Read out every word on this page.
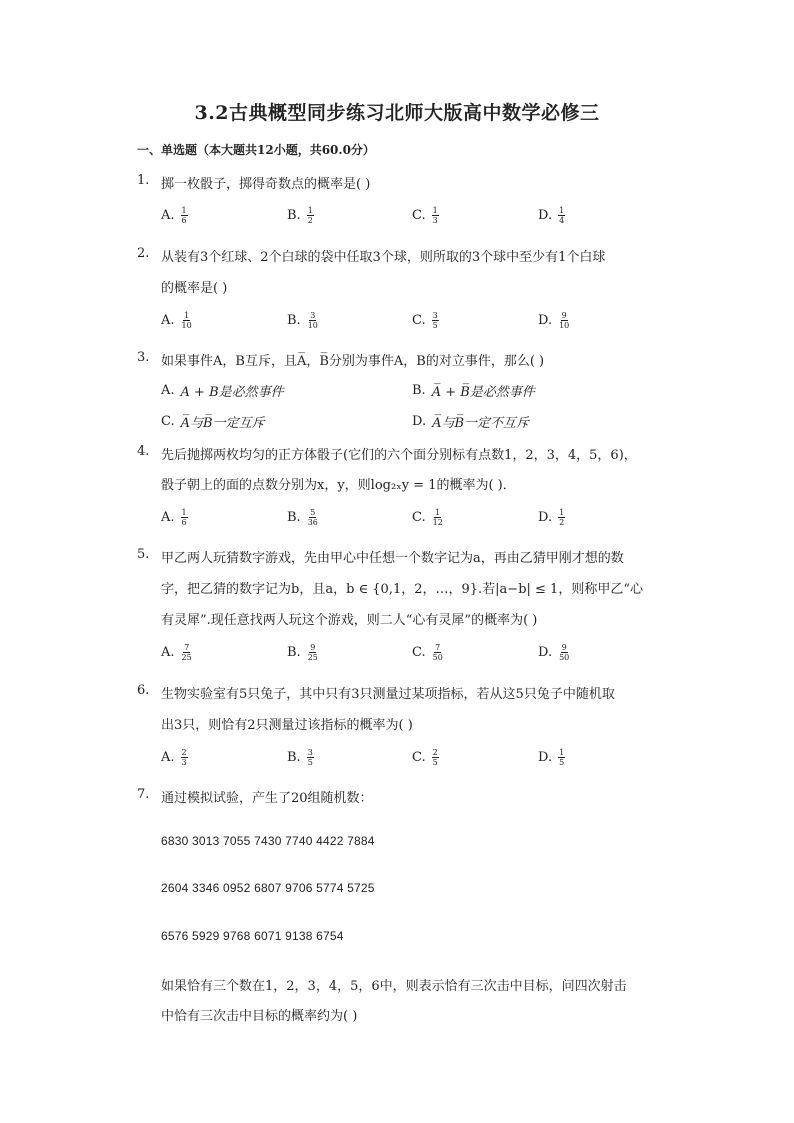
3.2古典概型同步练习北师大版高中数学必修三
一、单选题（本大题共12小题，共60.0分）
1. 掷一枚骰子，掷得奇数点的概率是( )
A. $\frac{1}{6}$	B. $\frac{1}{2}$	C. $\frac{1}{3}$	D. $\frac{1}{4}$
2. 从装有3个红球、2个白球的袋中任取3个球，则所取的3个球中至少有1个白球
的概率是( )
A. $\frac{1}{10}$	B. $\frac{3}{10}$	C. $\frac{3}{5}$	D. $\frac{9}{10}$
3. 如果事件A，B互斥，且A̅，B̅分别为事件A，B的对立事件，那么( )
A. A + B是必然事件	B. A̅ + B̅是必然事件
C. A̅与B̅一定互斥	D. A̅与B̅一定不互斥
4. 先后抛掷两枚均匀的正方体骰子(它们的六个面分别标有点数1，2，3，4，5，6)，
骰子朝上的面的点数分别为x，y，则log₂ₓy = 1的概率为( )．
A. $\frac{1}{6}$	B. $\frac{5}{36}$	C. $\frac{1}{12}$	D. $\frac{1}{2}$
5. 甲乙两人玩猜数字游戏，先由甲心中任想一个数字记为a，再由乙猜甲刚才想的数
字，把乙猜的数字记为b，且a，b ∈ {0,1，2，…，9}.若|a−b| ≤ 1，则称甲乙“心
有灵犀”.现任意找两人玩这个游戏，则二人“心有灵犀”的概率为( )
A. $\frac{7}{25}$	B. $\frac{9}{25}$	C. $\frac{7}{50}$	D. $\frac{9}{50}$
6. 生物实验室有5只兔子，其中只有3只测量过某项指标，若从这5只兔子中随机取
出3只，则恰有2只测量过该指标的概率为( )
A. $\frac{2}{3}$	B. $\frac{3}{5}$	C. $\frac{2}{5}$	D. $\frac{1}{5}$
7. 通过模拟试验，产生了20组随机数：
6830 3013 7055 7430 7740 4422 7884
2604 3346 0952 6807 9706 5774 5725
6576 5929 9768 6071 9138 6754
如果恰有三个数在1，2，3，4，5，6中，则表示恰有三次击中目标，问四次射击
中恰有三次击中目标的概率约为( )
